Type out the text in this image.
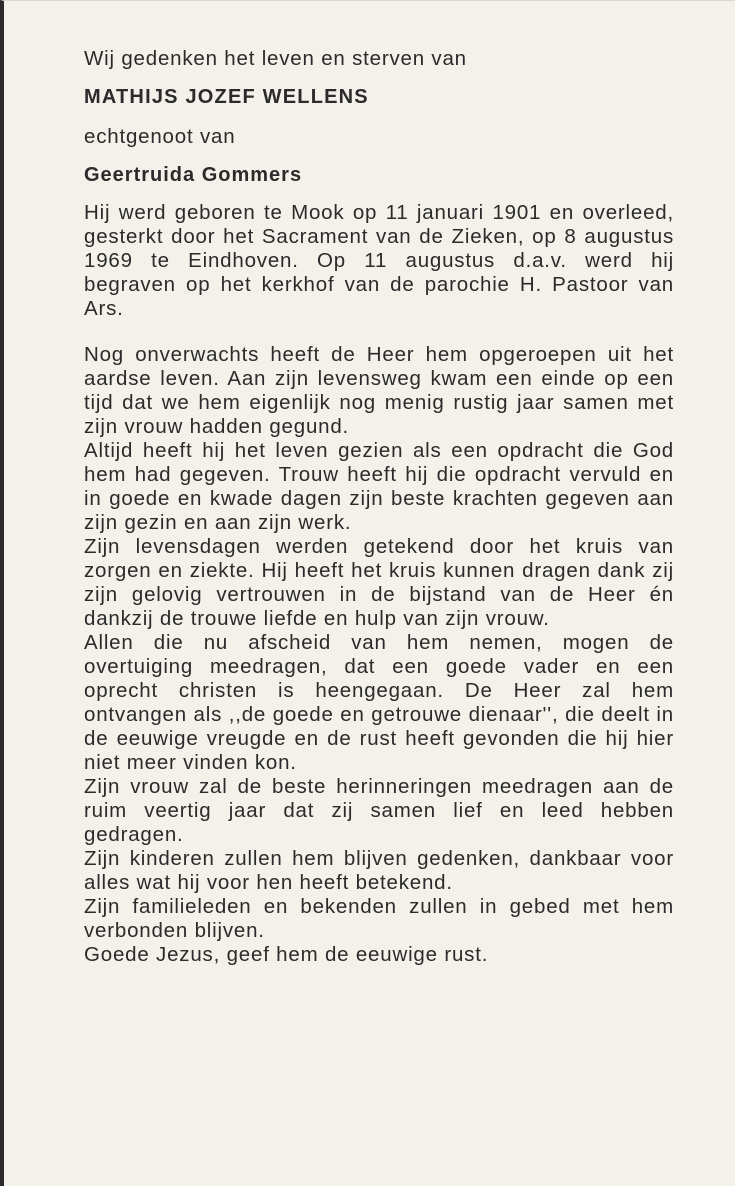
Wij gedenken het leven en sterven van

MATHIJS JOZEF WELLENS

echtgenoot van

Geertruida Gommers

Hij werd geboren te Mook op 11 januari 1901 en overleed, gesterkt door het Sacrament van de Zieken, op 8 augustus 1969 te Eindhoven. Op 11 augustus d.a.v. werd hij begraven op het kerkhof van de parochie H. Pastoor van Ars.

Nog onverwachts heeft de Heer hem opgeroepen uit het aardse leven. Aan zijn levensweg kwam een einde op een tijd dat we hem eigenlijk nog menig rustig jaar samen met zijn vrouw hadden gegund.

Altijd heeft hij het leven gezien als een opdracht die God hem had gegeven. Trouw heeft hij die opdracht vervuld en in goede en kwade dagen zijn beste krachten gegeven aan zijn gezin en aan zijn werk.

Zijn levensdagen werden getekend door het kruis van zorgen en ziekte. Hij heeft het kruis kunnen dragen dank zij zijn gelovig vertrouwen in de bijstand van de Heer én dankzij de trouwe liefde en hulp van zijn vrouw.

Allen die nu afscheid van hem nemen, mogen de overtuiging meedragen, dat een goede vader en een oprecht christen is heengegaan. De Heer zal hem ontvangen als ,,de goede en getrouwe dienaar'', die deelt in de eeuwige vreugde en de rust heeft gevonden die hij hier niet meer vinden kon.

Zijn vrouw zal de beste herinneringen meedragen aan de ruim veertig jaar dat zij samen lief en leed hebben gedragen.

Zijn kinderen zullen hem blijven gedenken, dankbaar voor alles wat hij voor hen heeft betekend.

Zijn familieleden en bekenden zullen in gebed met hem verbonden blijven.

Goede Jezus, geef hem de eeuwige rust.
